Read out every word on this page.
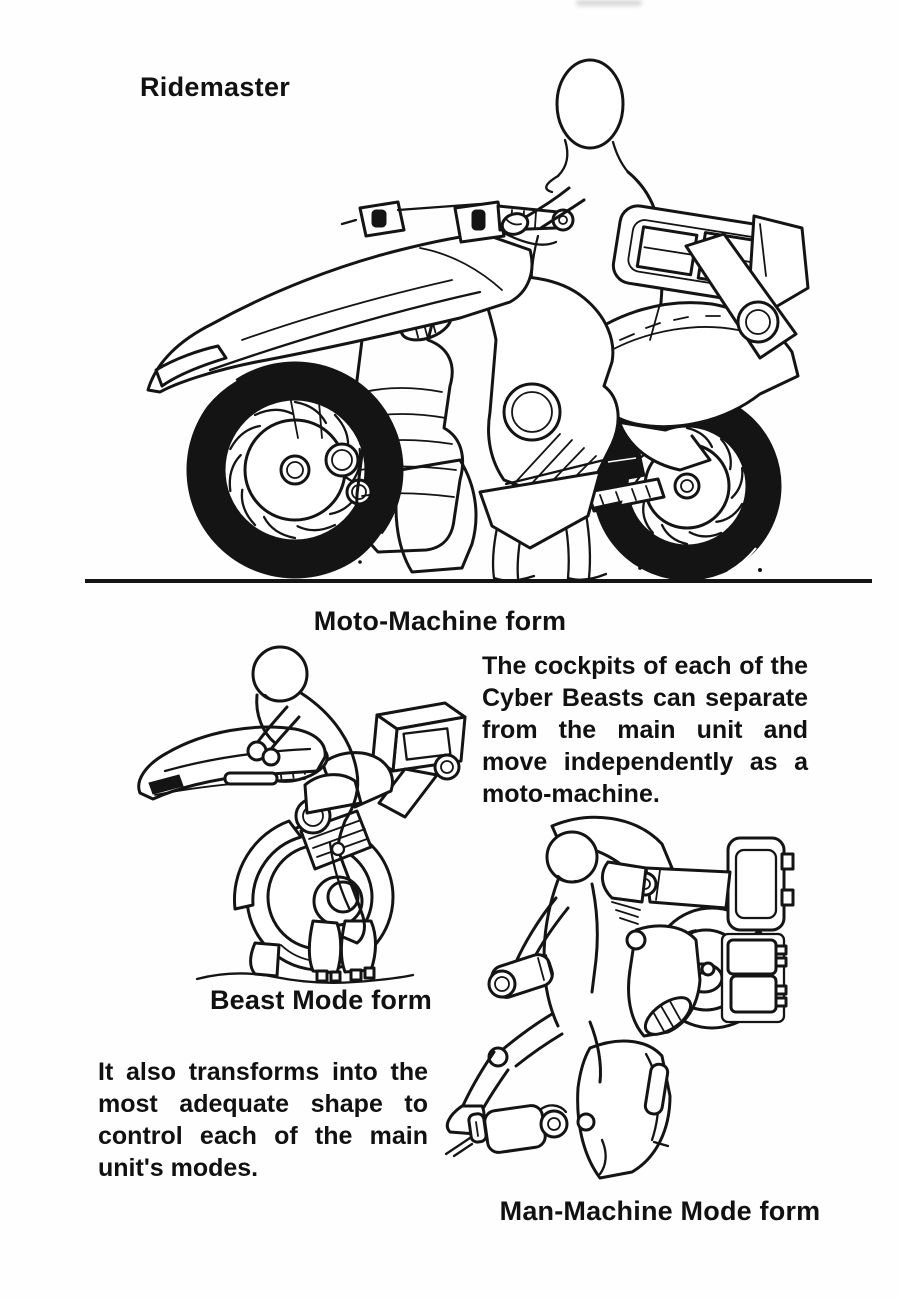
Ridemaster
Moto-Machine form
The cockpits of each of the
Cyber Beasts can separate
from the main unit and
move independently as a
moto-machine.
Beast Mode form
It also transforms into the
most adequate shape to
control each of the main
unit's modes.
Man-Machine Mode form
